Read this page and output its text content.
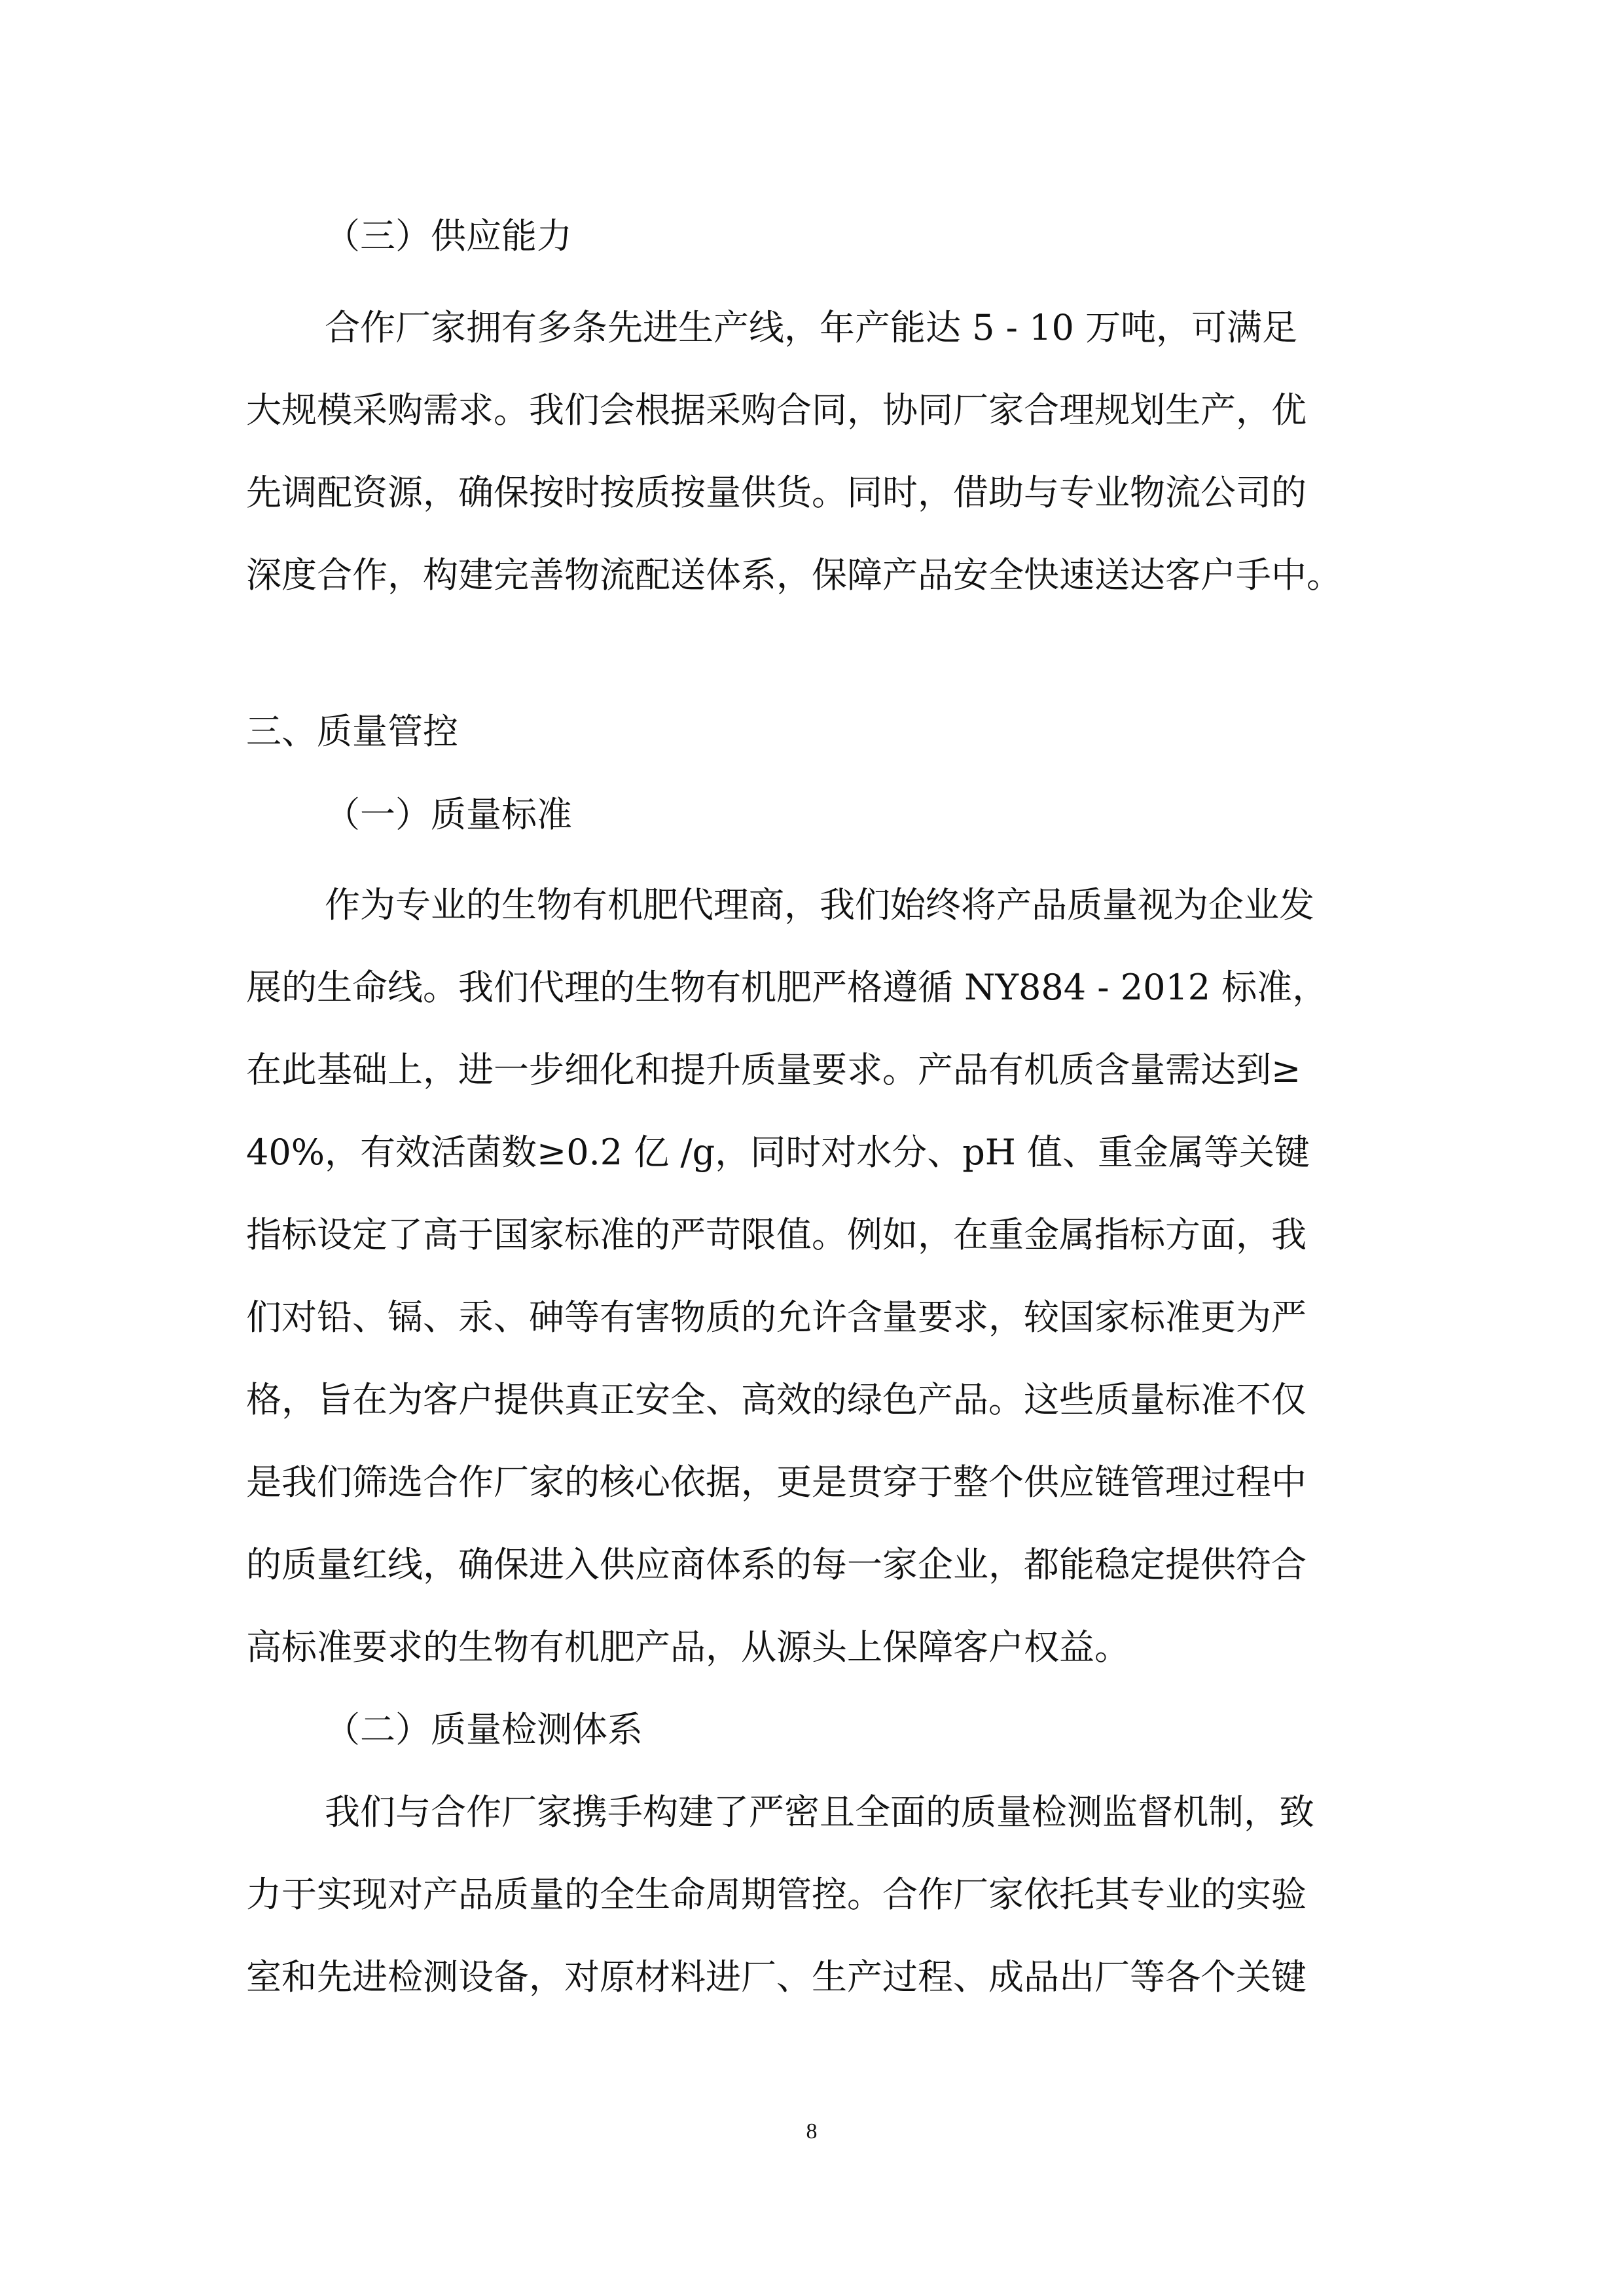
（三）供应能力
合作厂家拥有多条先进生产线，年产能达 5 - 10 万吨，可满足
大规模采购需求。我们会根据采购合同，协同厂家合理规划生产，优
先调配资源，确保按时按质按量供货。同时，借助与专业物流公司的
深度合作，构建完善物流配送体系，保障产品安全快速送达客户手中。
三、质量管控
（一）质量标准
作为专业的生物有机肥代理商，我们始终将产品质量视为企业发
展的生命线。我们代理的生物有机肥严格遵循 NY884 - 2012 标准，
在此基础上，进一步细化和提升质量要求。产品有机质含量需达到≥
40%，有效活菌数≥0.2 亿 /g，同时对水分、pH 值、重金属等关键
指标设定了高于国家标准的严苛限值。例如，在重金属指标方面，我
们对铅、镉、汞、砷等有害物质的允许含量要求，较国家标准更为严
格，旨在为客户提供真正安全、高效的绿色产品。这些质量标准不仅
是我们筛选合作厂家的核心依据，更是贯穿于整个供应链管理过程中
的质量红线，确保进入供应商体系的每一家企业，都能稳定提供符合
高标准要求的生物有机肥产品，从源头上保障客户权益。
（二）质量检测体系
我们与合作厂家携手构建了严密且全面的质量检测监督机制，致
力于实现对产品质量的全生命周期管控。合作厂家依托其专业的实验
室和先进检测设备，对原材料进厂、生产过程、成品出厂等各个关键
8
